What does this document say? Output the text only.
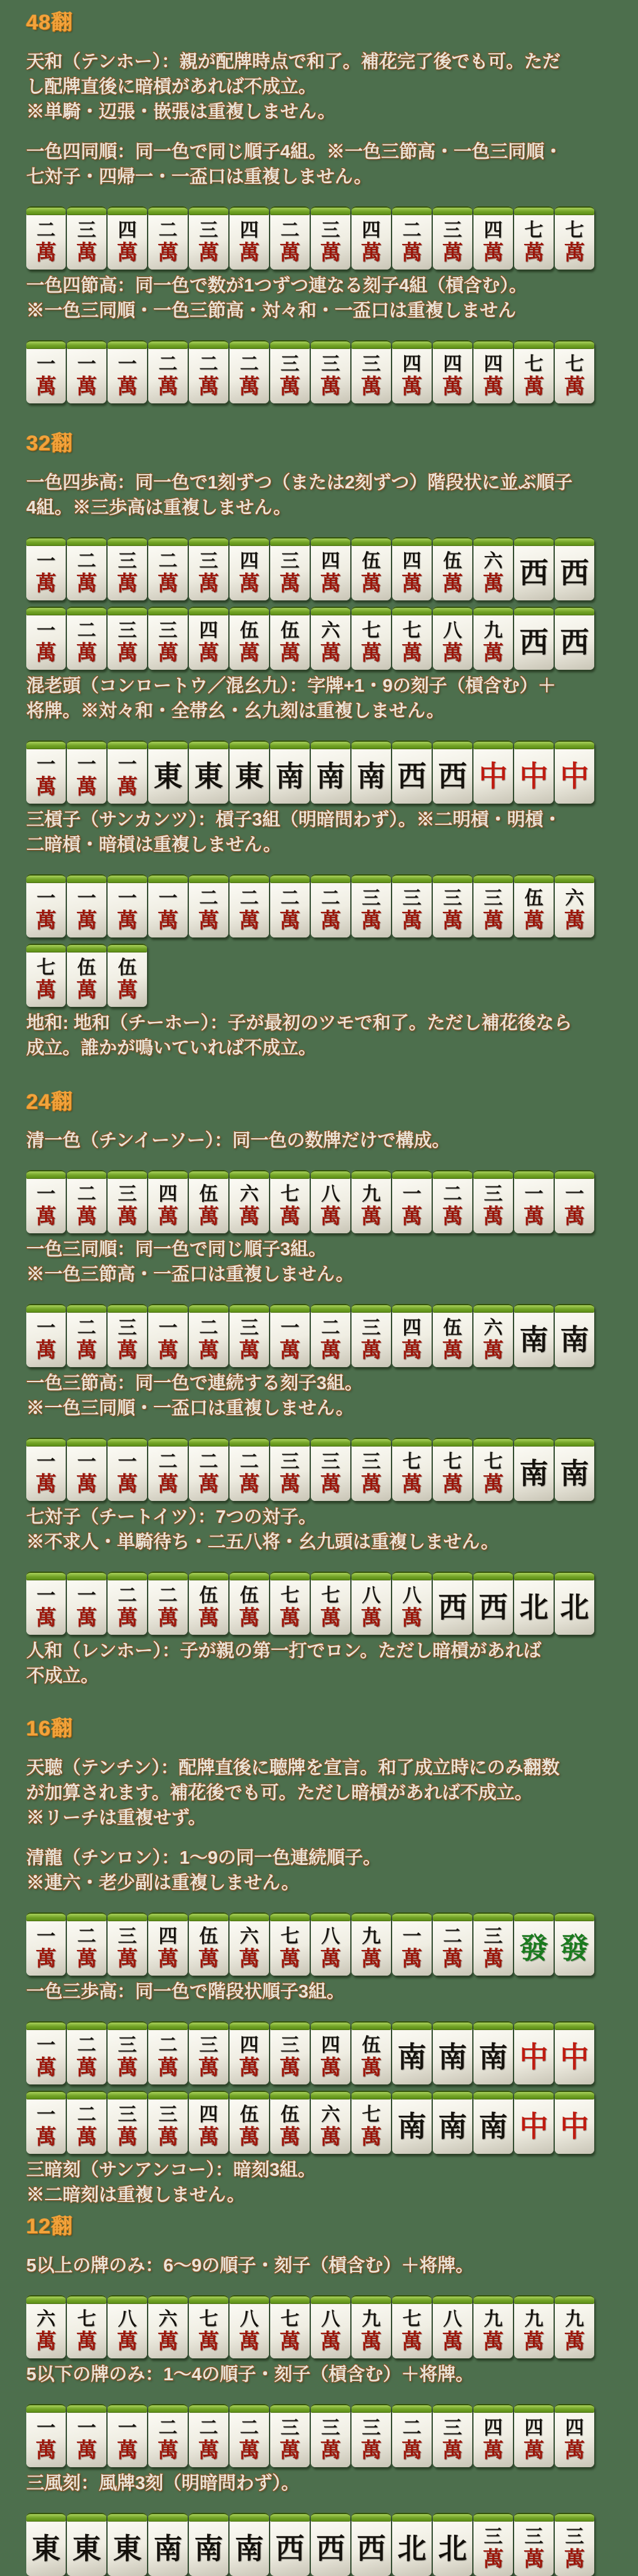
48翻
天和（テンホー）：親が配牌時点で和了。補花完了後でも可。ただ
し配牌直後に暗槓があれば不成立。
※単騎・辺張・嵌張は重複しません。
一色四同順：同一色で同じ順子4組。※一色三節高・一色三同順・
七対子・四帰一・一盃口は重複しません。
二
萬
三
萬
四
萬
二
萬
三
萬
四
萬
二
萬
三
萬
四
萬
二
萬
三
萬
四
萬
七
萬
七
萬
一色四節高：同一色で数が1つずつ連なる刻子4組（槓含む）。
※一色三同順・一色三節高・対々和・一盃口は重複しません
一
萬
一
萬
一
萬
二
萬
二
萬
二
萬
三
萬
三
萬
三
萬
四
萬
四
萬
四
萬
七
萬
七
萬
32翻
一色四歩高：同一色で1刻ずつ（または2刻ずつ）階段状に並ぶ順子
4組。※三歩高は重複しません。
一
萬
二
萬
三
萬
二
萬
三
萬
四
萬
三
萬
四
萬
伍
萬
四
萬
伍
萬
六
萬 西 西
一
萬
二
萬
三
萬
三
萬
四
萬
伍
萬
伍
萬
六
萬
七
萬
七
萬
八
萬
九
萬 西 西
混老頭（コンロートウ／混幺九）：字牌+1・9の刻子（槓含む）＋
将牌。※対々和・全帯幺・幺九刻は重複しません。
一
萬
一
萬
一
萬 東 東 東 南 南 南 西 西 中 中 中
三槓子（サンカンツ）：槓子3組（明暗問わず）。※二明槓・明槓・
二暗槓・暗槓は重複しません。
一
萬
一
萬
一
萬
一
萬
二
萬
二
萬
二
萬
二
萬
三
萬
三
萬
三
萬
三
萬
伍
萬
六
萬
七
萬
伍
萬
伍
萬
地和: 地和（チーホー）：子が最初のツモで和了。ただし補花後なら
成立。誰かが鳴いていれば不成立。
24翻
清一色（チンイーソー）：同一色の数牌だけで構成。
一
萬
二
萬
三
萬
四
萬
伍
萬
六
萬
七
萬
八
萬
九
萬
一
萬
二
萬
三
萬
一
萬
一
萬
一色三同順：同一色で同じ順子3組。
※一色三節高・一盃口は重複しません。
一
萬
二
萬
三
萬
一
萬
二
萬
三
萬
一
萬
二
萬
三
萬
四
萬
伍
萬
六
萬 南 南
一色三節高：同一色で連続する刻子3組。
※一色三同順・一盃口は重複しません。
一
萬
一
萬
一
萬
二
萬
二
萬
二
萬
三
萬
三
萬
三
萬
七
萬
七
萬
七
萬 南 南
七対子（チートイツ）：7つの対子。
※不求人・単騎待ち・二五八将・幺九頭は重複しません。
一
萬
一
萬
二
萬
二
萬
伍
萬
伍
萬
七
萬
七
萬
八
萬
八
萬 西 西 北 北
人和（レンホー）：子が親の第一打でロン。ただし暗槓があれば
不成立。
16翻
天聴（テンチン）：配牌直後に聴牌を宣言。和了成立時にのみ翻数
が加算されます。補花後でも可。ただし暗槓があれば不成立。
※リーチは重複せず。
清龍（チンロン）：1～9の同一色連続順子。
※連六・老少副は重複しません。
一
萬
二
萬
三
萬
四
萬
伍
萬
六
萬
七
萬
八
萬
九
萬
一
萬
二
萬
三
萬 發 發
一色三歩高：同一色で階段状順子3組。
一
萬
二
萬
三
萬
二
萬
三
萬
四
萬
三
萬
四
萬
伍
萬 南 南 南 中 中
一
萬
二
萬
三
萬
三
萬
四
萬
伍
萬
伍
萬
六
萬
七
萬 南 南 南 中 中
三暗刻（サンアンコー）：暗刻3組。
※二暗刻は重複しません。
12翻
5以上の牌のみ：6～9の順子・刻子（槓含む）＋将牌。
六
萬
七
萬
八
萬
六
萬
七
萬
八
萬
七
萬
八
萬
九
萬
七
萬
八
萬
九
萬
九
萬
九
萬
5以下の牌のみ：1～4の順子・刻子（槓含む）＋将牌。
一
萬
一
萬
一
萬
二
萬
二
萬
二
萬
三
萬
三
萬
三
萬
二
萬
三
萬
四
萬
四
萬
四
萬
三風刻：風牌3刻（明暗問わず）。
東 東 東 南 南 南 西 西 西 北 北 三
萬
三
萬
三
萬
